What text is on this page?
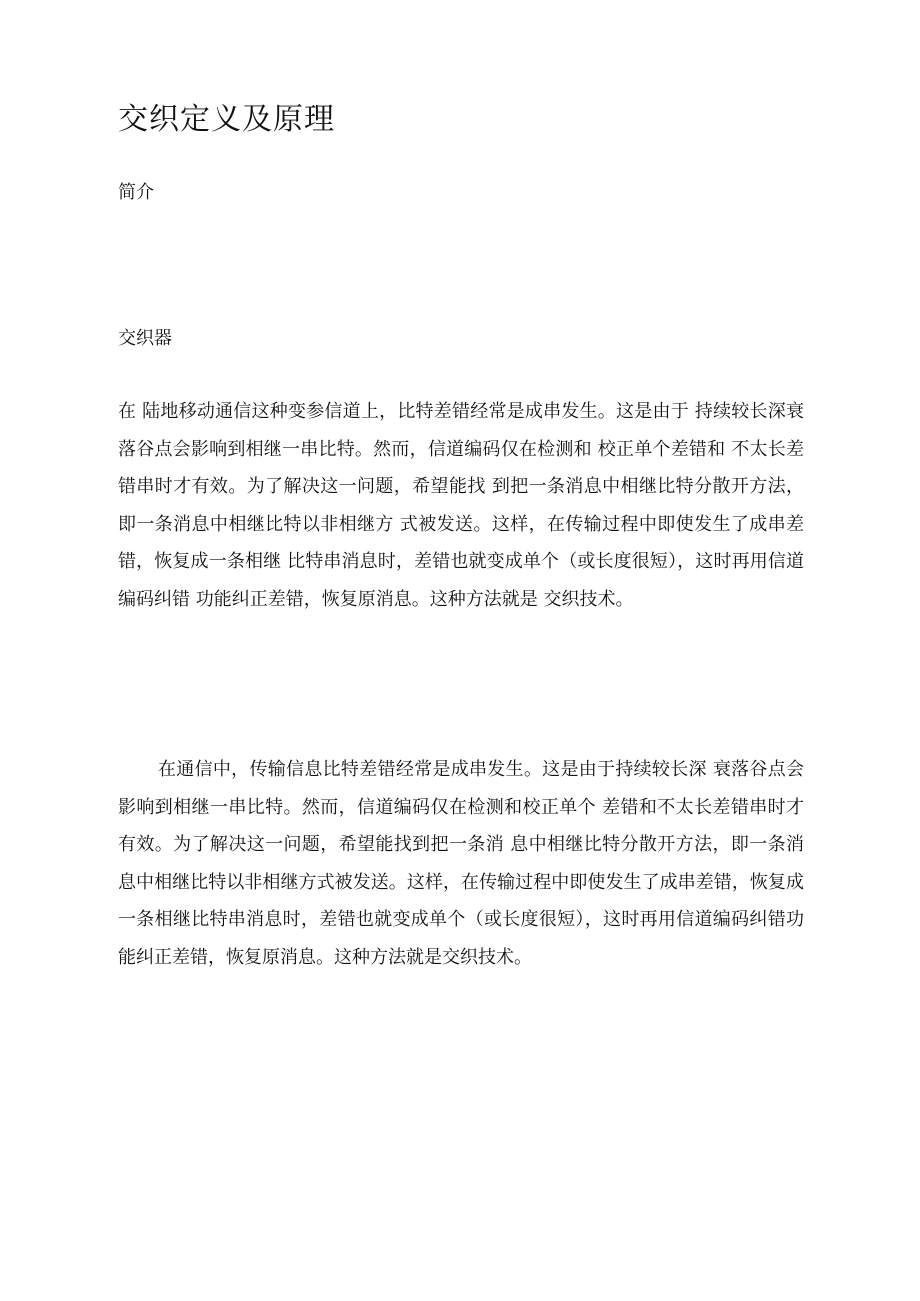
交织定义及原理
简介
交织器

在 陆地移动通信这种变参信道上，比特差错经常是成串发生。这是由于 持续较长深衰落谷点会影响到相继一串比特。然而，信道编码仅在检测和 校正单个差错和 不太长差错串时才有效。为了解决这一问题，希望能找 到把一条消息中相继比特分散开方法，即一条消息中相继比特以非相继方 式被发送。这样，在传输过程中即使发生了成串差错，恢复成一条相继 比特串消息时，差错也就变成单个（或长度很短），这时再用信道编码纠错 功能纠正差错，恢复原消息。这种方法就是 交织技术。

在通信中，传输信息比特差错经常是成串发生。这是由于持续较长深 衰落谷点会影响到相继一串比特。然而，信道编码仅在检测和校正单个 差错和不太长差错串时才有效。为了解决这一问题，希望能找到把一条消 息中相继比特分散开方法，即一条消息中相继比特以非相继方式被发送。这样，在传输过程中即使发生了成串差错，恢复成一条相继比特串消息时，差错也就变成单个（或长度很短），这时再用信道编码纠错功能纠正差错，恢复原消息。这种方法就是交织技术。
